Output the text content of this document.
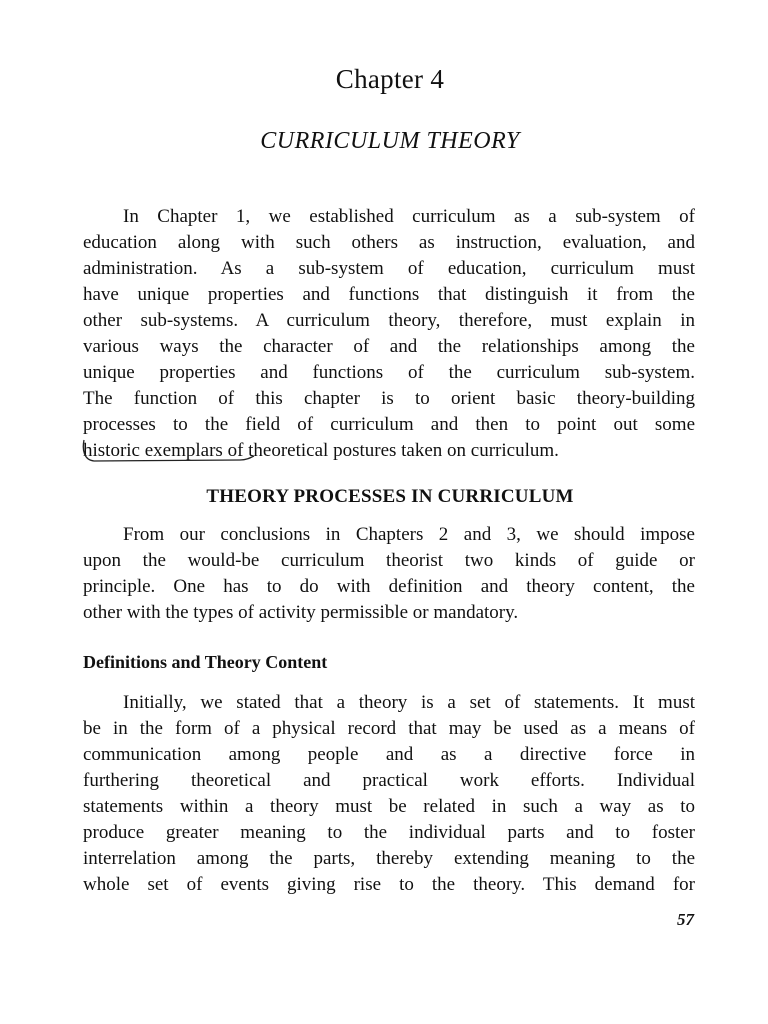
Chapter 4
CURRICULUM THEORY
In Chapter 1, we established curriculum as a sub-system of
education along with such others as instruction, evaluation, and
administration. As a sub-system of education, curriculum must
have unique properties and functions that distinguish it from the
other sub-systems. A curriculum theory, therefore, must explain in
various ways the character of and the relationships among the
unique properties and functions of the curriculum sub-system.
The function of this chapter is to orient basic theory-building
processes to the field of curriculum and then to point out some
historic exemplars of theoretical postures taken on curriculum.
THEORY PROCESSES IN CURRICULUM
From our conclusions in Chapters 2 and 3, we should impose
upon the would-be curriculum theorist two kinds of guide or
principle. One has to do with definition and theory content, the
other with the types of activity permissible or mandatory.
Definitions and Theory Content
Initially, we stated that a theory is a set of statements. It must
be in the form of a physical record that may be used as a means of
communication among people and as a directive force in
furthering theoretical and practical work efforts. Individual
statements within a theory must be related in such a way as to
produce greater meaning to the individual parts and to foster
interrelation among the parts, thereby extending meaning to the
whole set of events giving rise to the theory. This demand for
57
